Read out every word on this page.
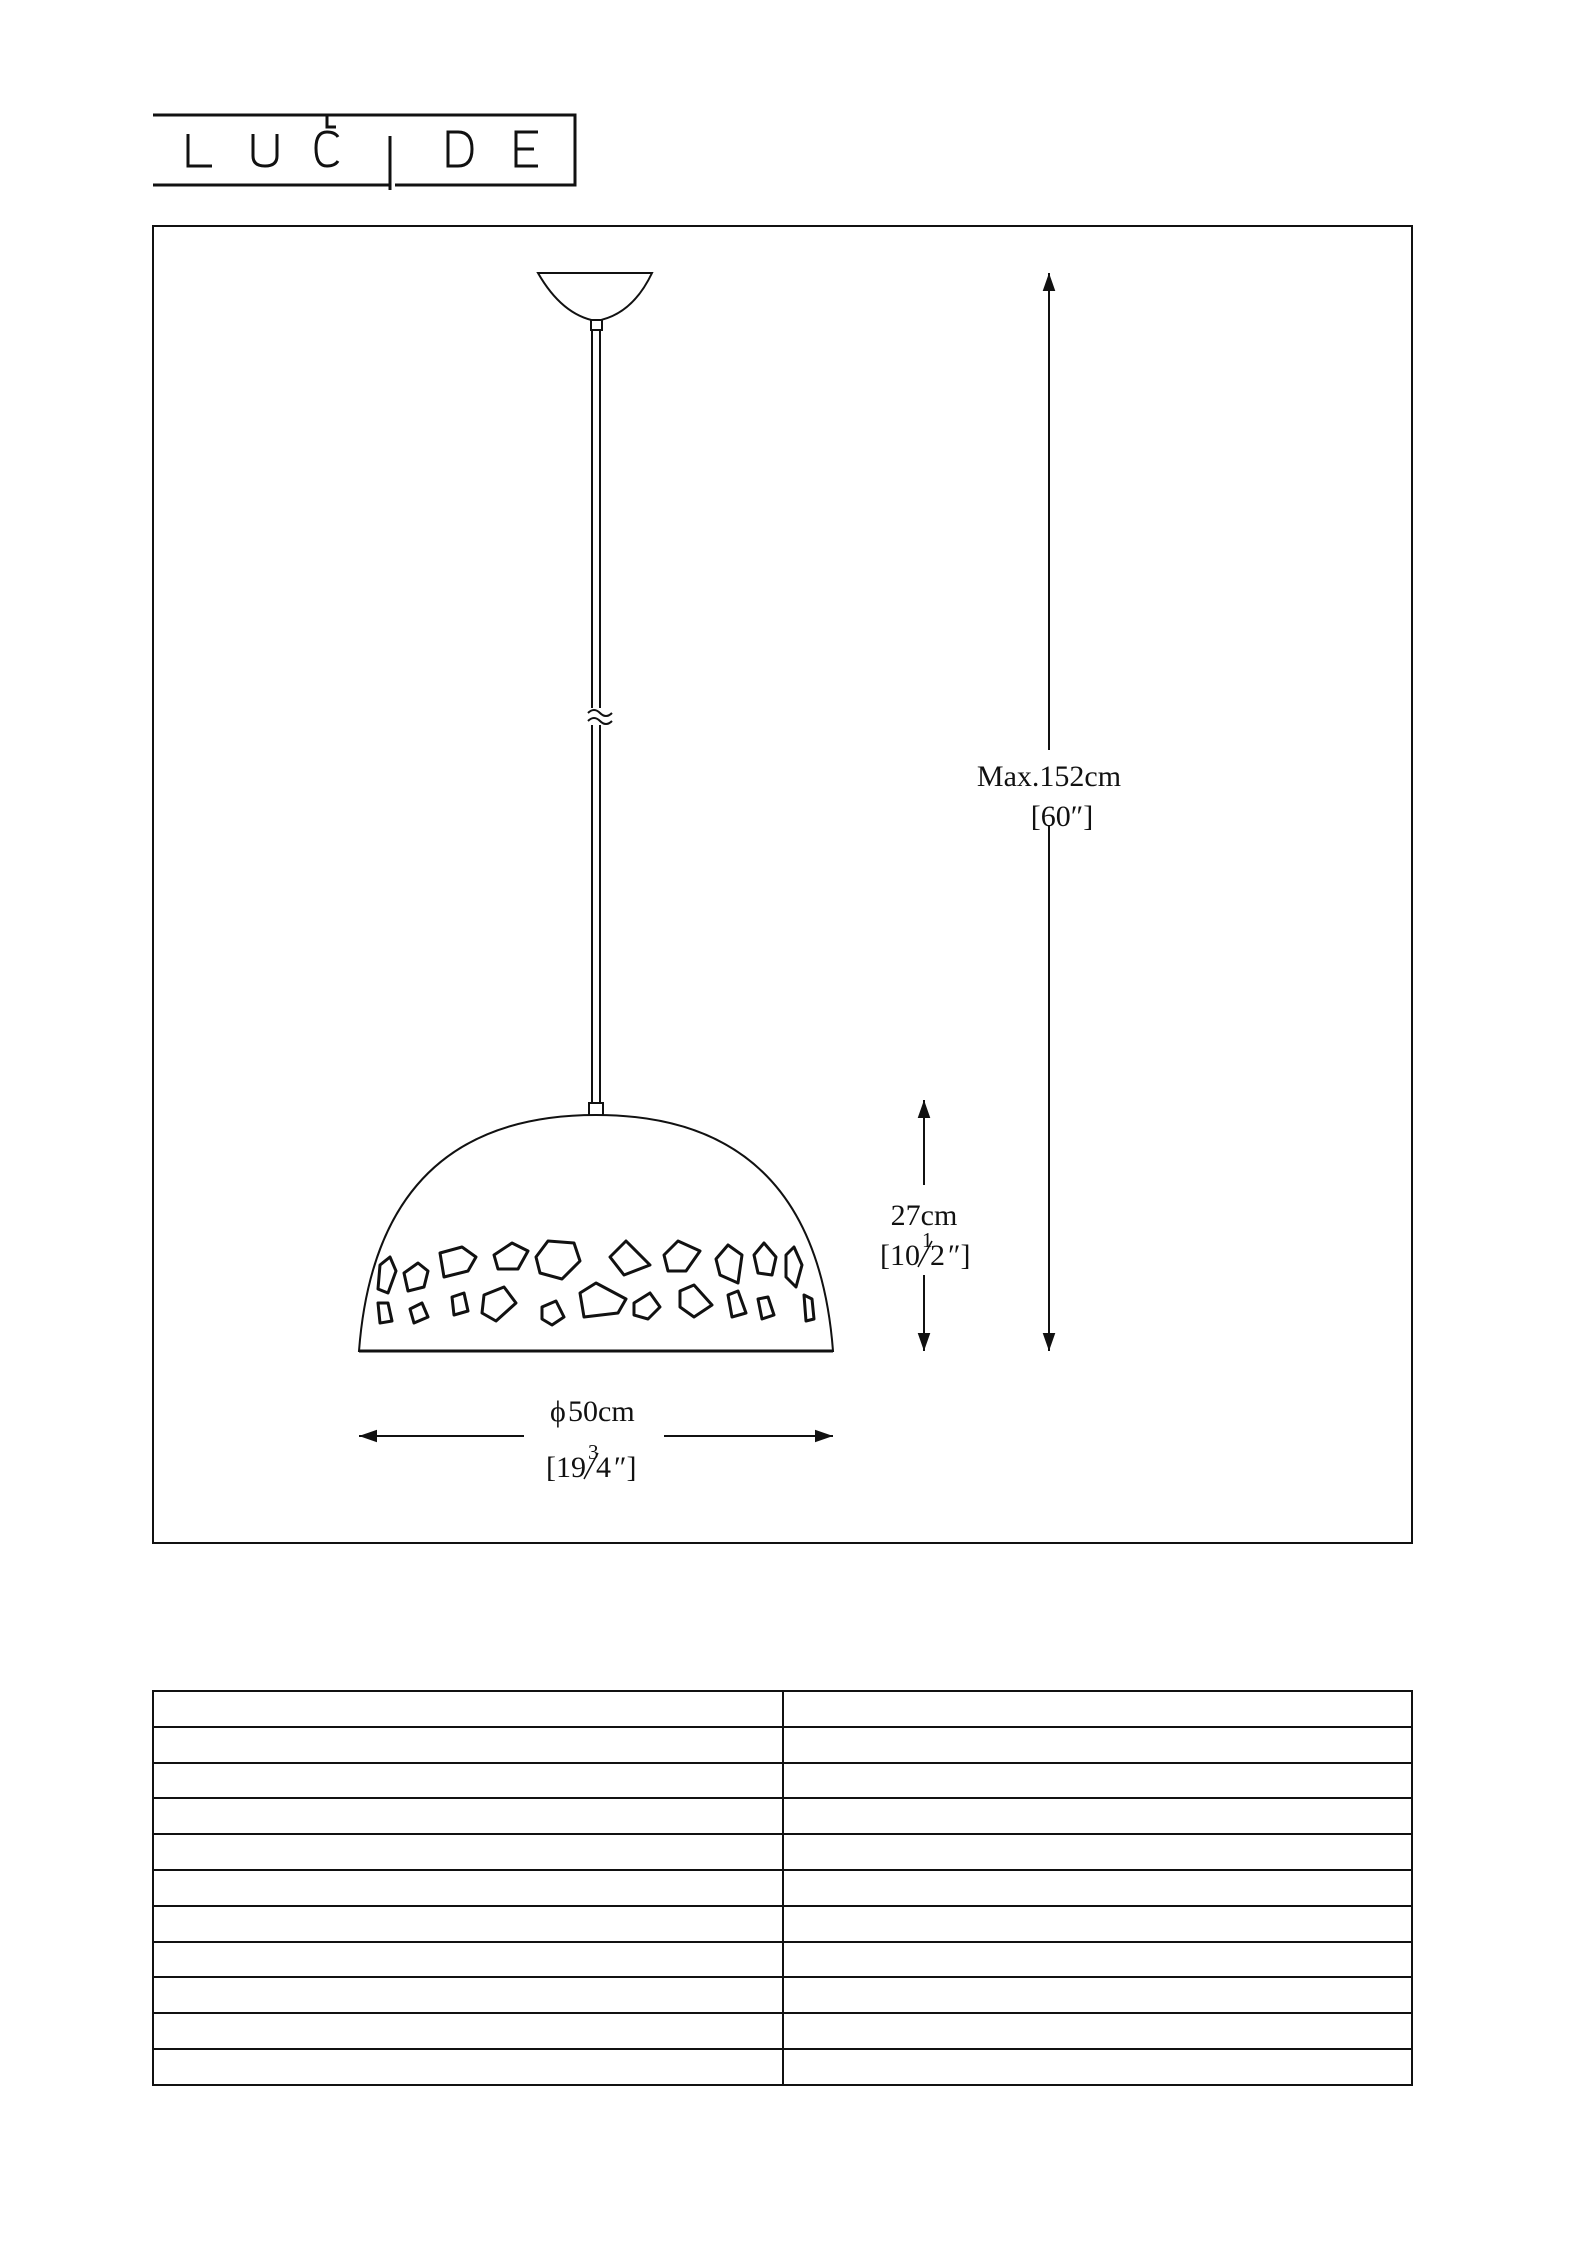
Max.152cm
[60″]
27cm
[10 1
2 ″]
ϕ 50cm
[19 3
4 ″]
